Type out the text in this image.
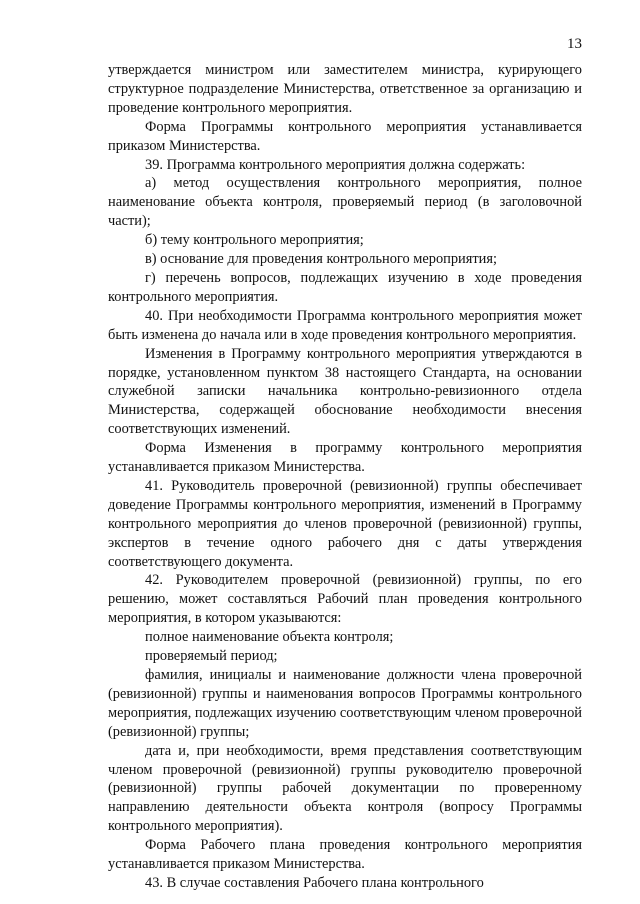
13

утверждается министром или заместителем министра, курирующего структурное подразделение Министерства, ответственное за организацию и проведение контрольного мероприятия.

Форма Программы контрольного мероприятия устанавливается приказом Министерства.

39. Программа контрольного мероприятия должна содержать:

а) метод осуществления контрольного мероприятия, полное наименование объекта контроля, проверяемый период (в заголовочной части);

б) тему контрольного мероприятия;

в) основание для проведения контрольного мероприятия;

г) перечень вопросов, подлежащих изучению в ходе проведения контрольного мероприятия.

40. При необходимости Программа контрольного мероприятия может быть изменена до начала или в ходе проведения контрольного мероприятия.

Изменения в Программу контрольного мероприятия утверждаются в порядке, установленном пунктом 38 настоящего Стандарта, на основании служебной записки начальника контрольно-ревизионного отдела Министерства, содержащей обоснование необходимости внесения соответствующих изменений.

Форма Изменения в программу контрольного мероприятия устанавливается приказом Министерства.

41. Руководитель проверочной (ревизионной) группы обеспечивает доведение Программы контрольного мероприятия, изменений в Программу контрольного мероприятия до членов проверочной (ревизионной) группы, экспертов в течение одного рабочего дня с даты утверждения соответствующего документа.

42. Руководителем проверочной (ревизионной) группы, по его решению, может составляться Рабочий план проведения контрольного мероприятия, в котором указываются:

полное наименование объекта контроля;

проверяемый период;

фамилия, инициалы и наименование должности члена проверочной (ревизионной) группы и наименования вопросов Программы контрольного мероприятия, подлежащих изучению соответствующим членом проверочной (ревизионной) группы;

дата и, при необходимости, время представления соответствующим членом проверочной (ревизионной) группы руководителю проверочной (ревизионной) группы рабочей документации по проверенному направлению деятельности объекта контроля (вопросу Программы контрольного мероприятия).

Форма Рабочего плана проведения контрольного мероприятия устанавливается приказом Министерства.

43. В случае составления Рабочего плана контрольного
